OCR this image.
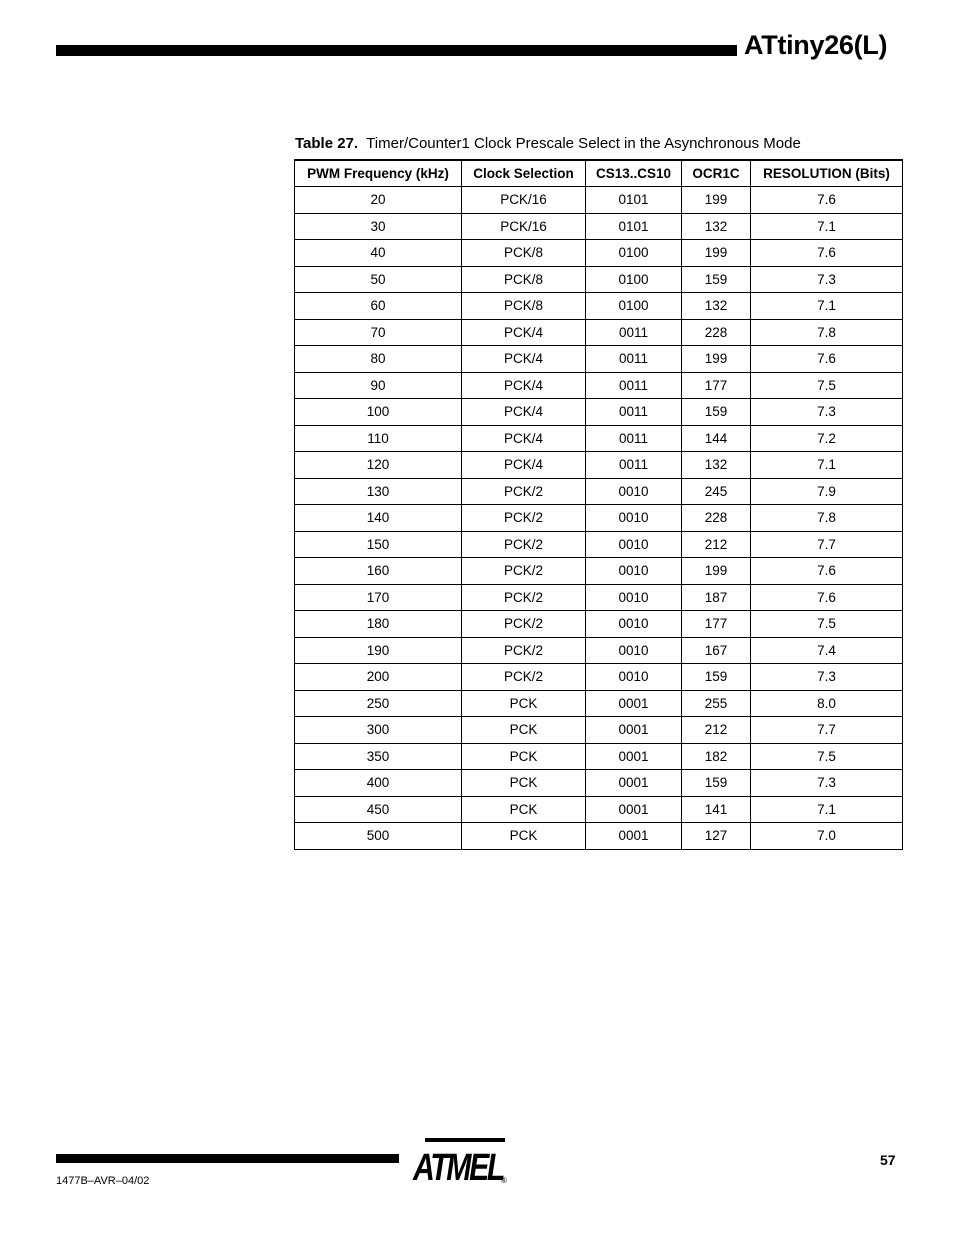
ATtiny26(L)
Table 27. Timer/Counter1 Clock Prescale Select in the Asynchronous Mode
PWM Frequency (kHz)	Clock Selection	CS13..CS10	OCR1C	RESOLUTION (Bits)
20	PCK/16	0101	199	7.6
30	PCK/16	0101	132	7.1
40	PCK/8	0100	199	7.6
50	PCK/8	0100	159	7.3
60	PCK/8	0100	132	7.1
70	PCK/4	0011	228	7.8
80	PCK/4	0011	199	7.6
90	PCK/4	0011	177	7.5
100	PCK/4	0011	159	7.3
110	PCK/4	0011	144	7.2
120	PCK/4	0011	132	7.1
130	PCK/2	0010	245	7.9
140	PCK/2	0010	228	7.8
150	PCK/2	0010	212	7.7
160	PCK/2	0010	199	7.6
170	PCK/2	0010	187	7.6
180	PCK/2	0010	177	7.5
190	PCK/2	0010	167	7.4
200	PCK/2	0010	159	7.3
250	PCK	0001	255	8.0
300	PCK	0001	212	7.7
350	PCK	0001	182	7.5
400	PCK	0001	159	7.3
450	PCK	0001	141	7.1
500	PCK	0001	127	7.0
ATMEL
®
1477B–AVR–04/02
57
